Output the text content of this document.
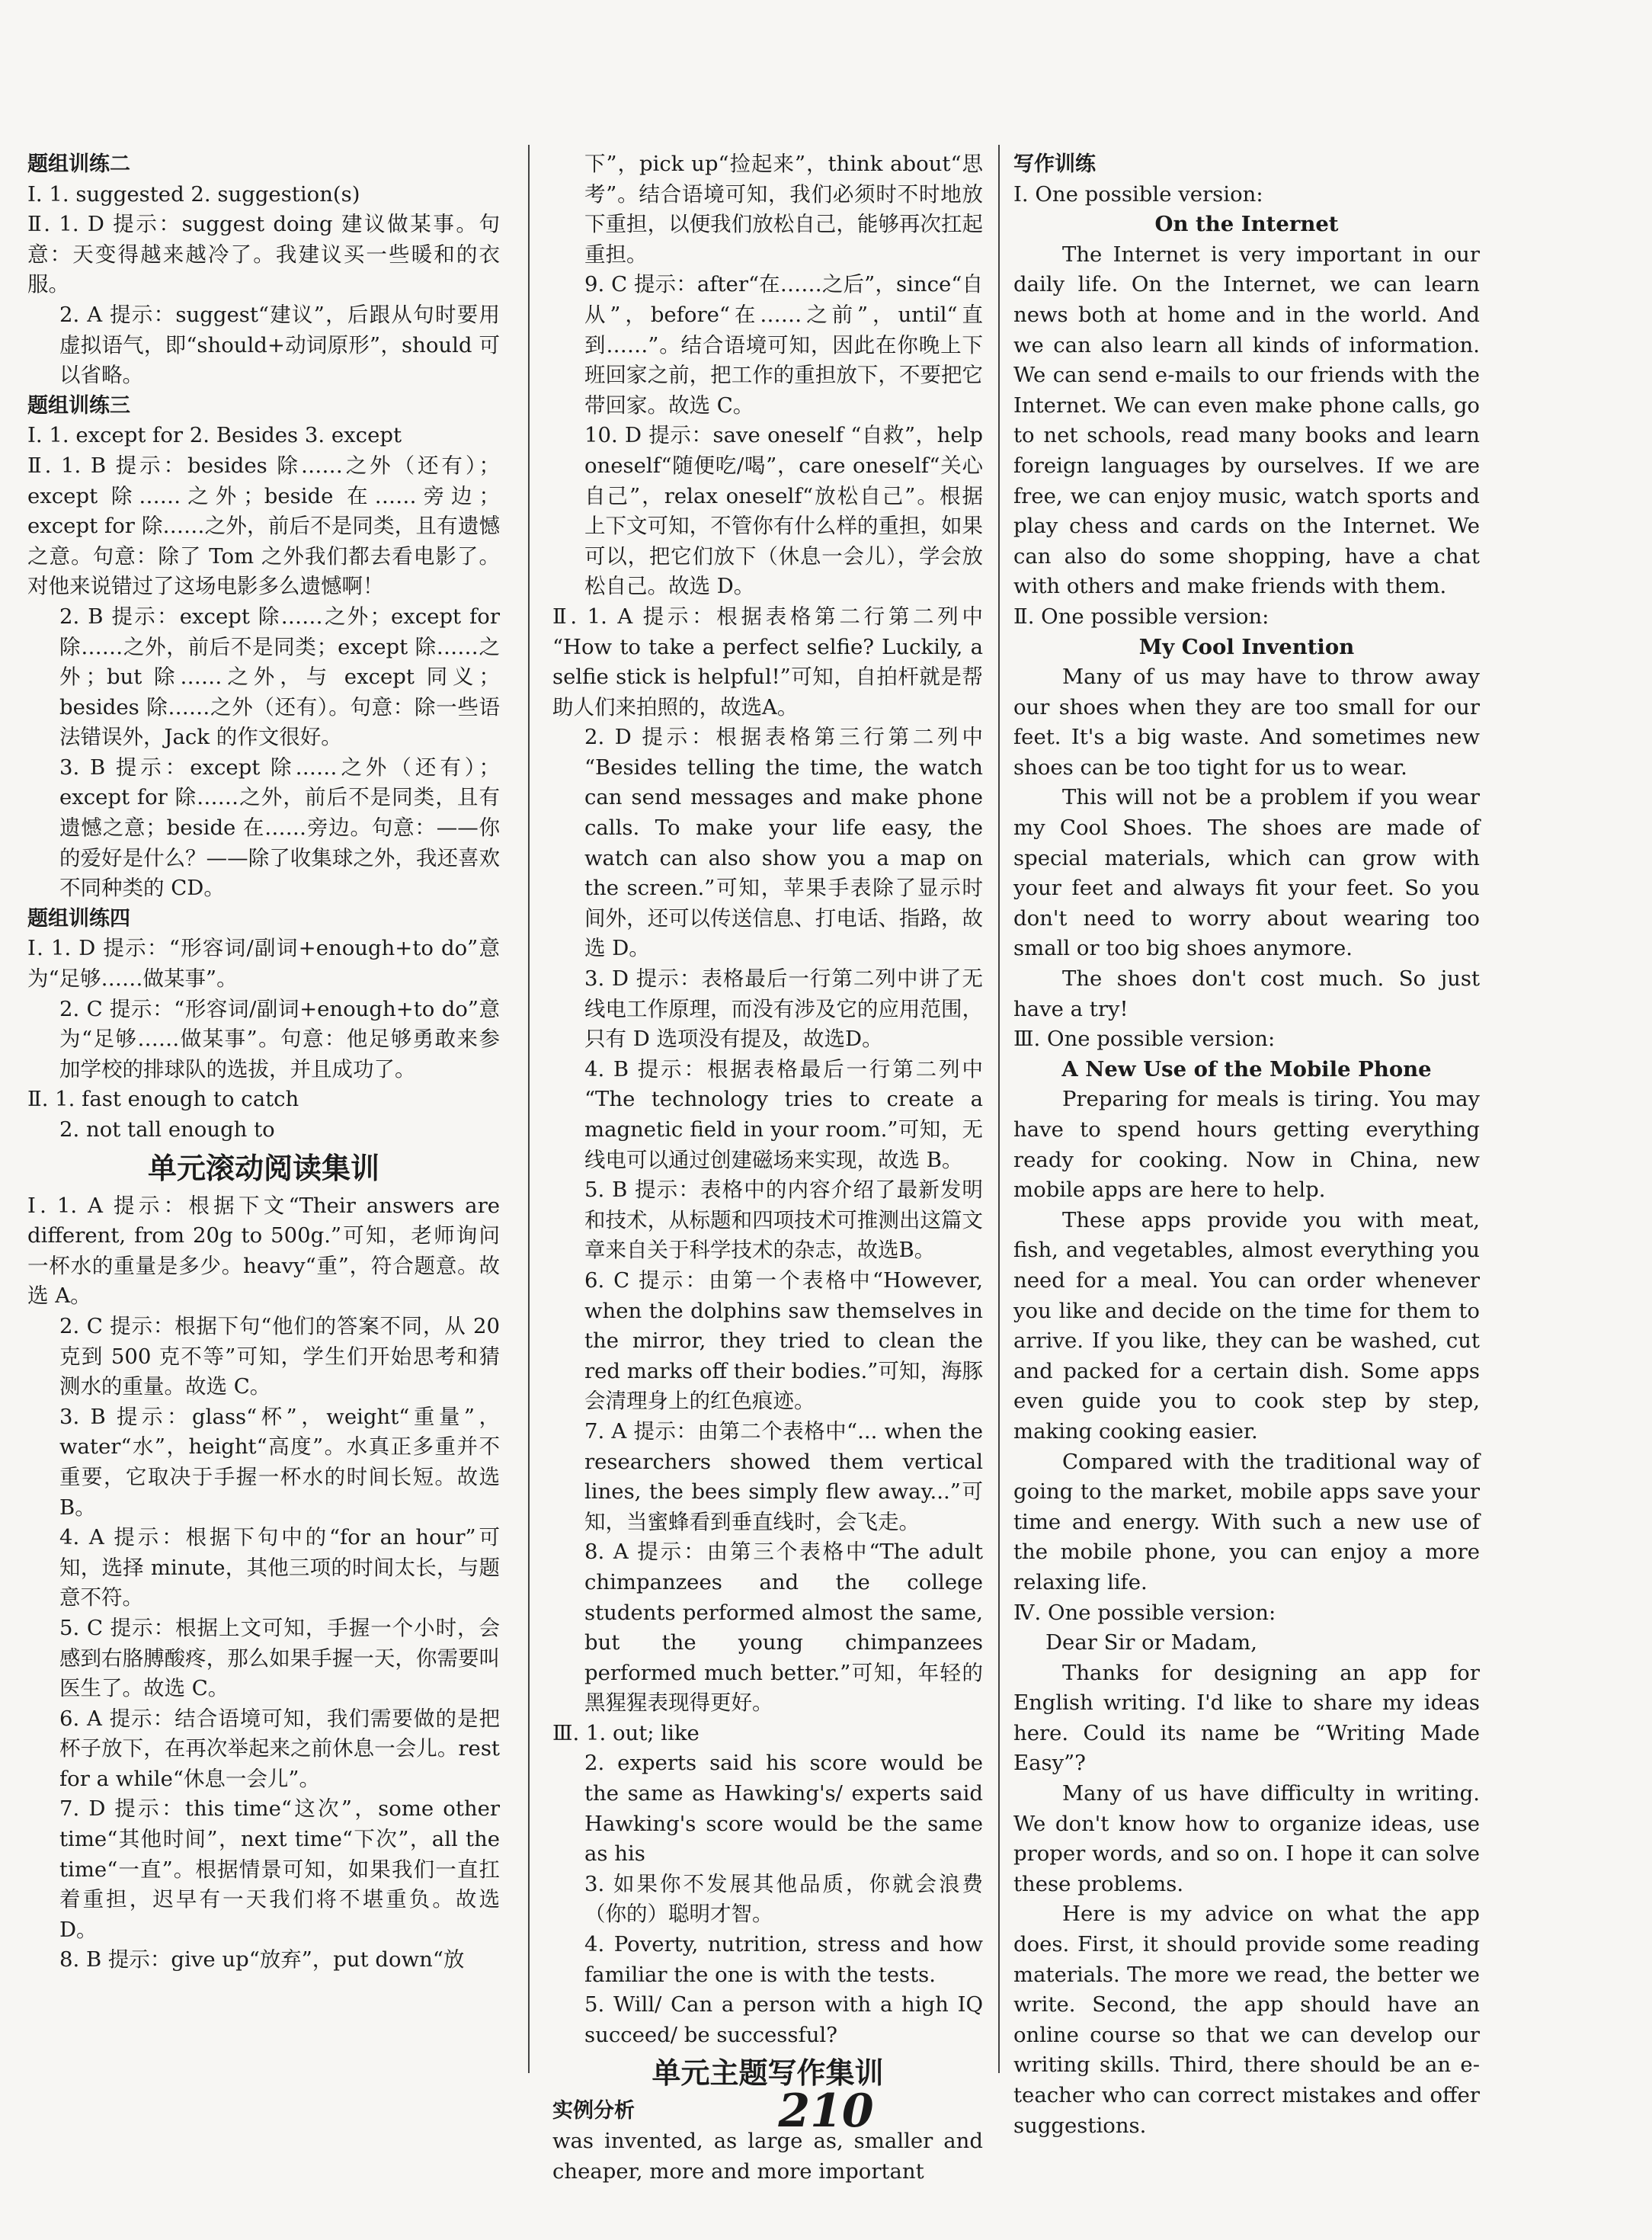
题组训练二

Ⅰ. 1. suggested 2. suggestion(s)

Ⅱ. 1. D 提示：suggest doing 建议做某事。句意：天变得越来越冷了。我建议买一些暖和的衣服。

2. A 提示：suggest“建议”，后跟从句时要用虚拟语气，即“should+动词原形”，should 可以省略。

题组训练三

Ⅰ. 1. except for 2. Besides 3. except

Ⅱ. 1. B 提示：besides 除……之外（还有）；except 除……之外；beside 在……旁边；except for 除……之外，前后不是同类，且有遗憾之意。句意：除了 Tom 之外我们都去看电影了。对他来说错过了这场电影多么遗憾啊！

2. B 提示：except 除……之外；except for 除……之外，前后不是同类；except 除……之外；but 除……之外，与 except 同义；besides 除……之外（还有）。句意：除一些语法错误外，Jack 的作文很好。

3. B 提示：except 除……之外（还有）；except for 除……之外，前后不是同类，且有遗憾之意；beside 在……旁边。句意：——你的爱好是什么？——除了收集球之外，我还喜欢不同种类的 CD。

题组训练四

Ⅰ. 1. D 提示：“形容词/副词+enough+to do”意为“足够……做某事”。

2. C 提示：“形容词/副词+enough+to do”意为“足够……做某事”。句意：他足够勇敢来参加学校的排球队的选拔，并且成功了。

Ⅱ. 1. fast enough to catch

2. not tall enough to

单元滚动阅读集训

Ⅰ. 1. A 提示：根据下文“Their answers are different, from 20g to 500g.”可知，老师询问一杯水的重量是多少。heavy“重”，符合题意。故选 A。

2. C 提示：根据下句“他们的答案不同，从 20 克到 500 克不等”可知，学生们开始思考和猜测水的重量。故选 C。

3. B 提示：glass“杯”，weight“重量”，water“水”，height“高度”。水真正多重并不重要，它取决于手握一杯水的时间长短。故选 B。

4. A 提示：根据下句中的“for an hour”可知，选择 minute，其他三项的时间太长，与题意不符。

5. C 提示：根据上文可知，手握一个小时，会感到右胳膊酸疼，那么如果手握一天，你需要叫医生了。故选 C。

6. A 提示：结合语境可知，我们需要做的是把杯子放下，在再次举起来之前休息一会儿。rest for a while“休息一会儿”。

7. D 提示：this time“这次”，some other time“其他时间”，next time“下次”，all the time“一直”。根据情景可知，如果我们一直扛着重担，迟早有一天我们将不堪重负。故选 D。

8. B 提示：give up“放弃”，put down“放

下”，pick up“捡起来”，think about“思考”。结合语境可知，我们必须时不时地放下重担，以便我们放松自己，能够再次扛起重担。

9. C 提示：after“在……之后”，since“自从”，before“在……之前”，until“直到……”。结合语境可知，因此在你晚上下班回家之前，把工作的重担放下，不要把它带回家。故选 C。

10. D 提示：save oneself “自救”，help oneself“随便吃/喝”，care oneself“关心自己”，relax oneself“放松自己”。根据上下文可知，不管你有什么样的重担，如果可以，把它们放下（休息一会儿），学会放松自己。故选 D。

Ⅱ. 1. A 提示：根据表格第二行第二列中 “How to take a perfect selfie? Luckily, a selfie stick is helpful!”可知，自拍杆就是帮助人们来拍照的，故选A。

2. D 提示：根据表格第三行第二列中 “Besides telling the time, the watch can send messages and make phone calls. To make your life easy, the watch can also show you a map on the screen.”可知，苹果手表除了显示时间外，还可以传送信息、打电话、指路，故选 D。

3. D 提示：表格最后一行第二列中讲了无线电工作原理，而没有涉及它的应用范围，只有 D 选项没有提及，故选D。

4. B 提示：根据表格最后一行第二列中 “The technology tries to create a magnetic field in your room.”可知，无线电可以通过创建磁场来实现，故选 B。

5. B 提示：表格中的内容介绍了最新发明和技术，从标题和四项技术可推测出这篇文章来自关于科学技术的杂志，故选B。

6. C 提示：由第一个表格中“However, when the dolphins saw themselves in the mirror, they tried to clean the red marks off their bodies.”可知，海豚会清理身上的红色痕迹。

7. A 提示：由第二个表格中“... when the researchers showed them vertical lines, the bees simply flew away...”可知，当蜜蜂看到垂直线时，会飞走。

8. A 提示：由第三个表格中“The adult chimpanzees and the college students performed almost the same, but the young chimpanzees performed much better.”可知，年轻的黑猩猩表现得更好。

Ⅲ. 1. out; like

2. experts said his score would be the same as Hawking's/ experts said Hawking's score would be the same as his

3. 如果你不发展其他品质，你就会浪费（你的）聪明才智。

4. Poverty, nutrition, stress and how familiar the one is with the tests.

5. Will/ Can a person with a high IQ succeed/ be successful?

单元主题写作集训

实例分析

was invented, as large as, smaller and cheaper, more and more important

写作训练

Ⅰ. One possible version:

On the Internet

The Internet is very important in our daily life. On the Internet, we can learn news both at home and in the world. And we can also learn all kinds of information. We can send e-mails to our friends with the Internet. We can even make phone calls, go to net schools, read many books and learn foreign languages by ourselves. If we are free, we can enjoy music, watch sports and play chess and cards on the Internet. We can also do some shopping, have a chat with others and make friends with them.

Ⅱ. One possible version:

My Cool Invention

Many of us may have to throw away our shoes when they are too small for our feet. It's a big waste. And sometimes new shoes can be too tight for us to wear.

This will not be a problem if you wear my Cool Shoes. The shoes are made of special materials, which can grow with your feet and always fit your feet. So you don't need to worry about wearing too small or too big shoes anymore.

The shoes don't cost much. So just have a try!

Ⅲ. One possible version:

A New Use of the Mobile Phone

Preparing for meals is tiring. You may have to spend hours getting everything ready for cooking. Now in China, new mobile apps are here to help.

These apps provide you with meat, fish, and vegetables, almost everything you need for a meal. You can order whenever you like and decide on the time for them to arrive. If you like, they can be washed, cut and packed for a certain dish. Some apps even guide you to cook step by step, making cooking easier.

Compared with the traditional way of going to the market, mobile apps save your time and energy. With such a new use of the mobile phone, you can enjoy a more relaxing life.

Ⅳ. One possible version:

Dear Sir or Madam,

Thanks for designing an app for English writing. I'd like to share my ideas here. Could its name be “Writing Made Easy”?

Many of us have difficulty in writing. We don't know how to organize ideas, use proper words, and so on. I hope it can solve these problems.

Here is my advice on what the app does. First, it should provide some reading materials. The more we read, the better we write. Second, the app should have an online course so that we can develop our writing skills. Third, there should be an e-teacher who can correct mistakes and offer suggestions.

210
